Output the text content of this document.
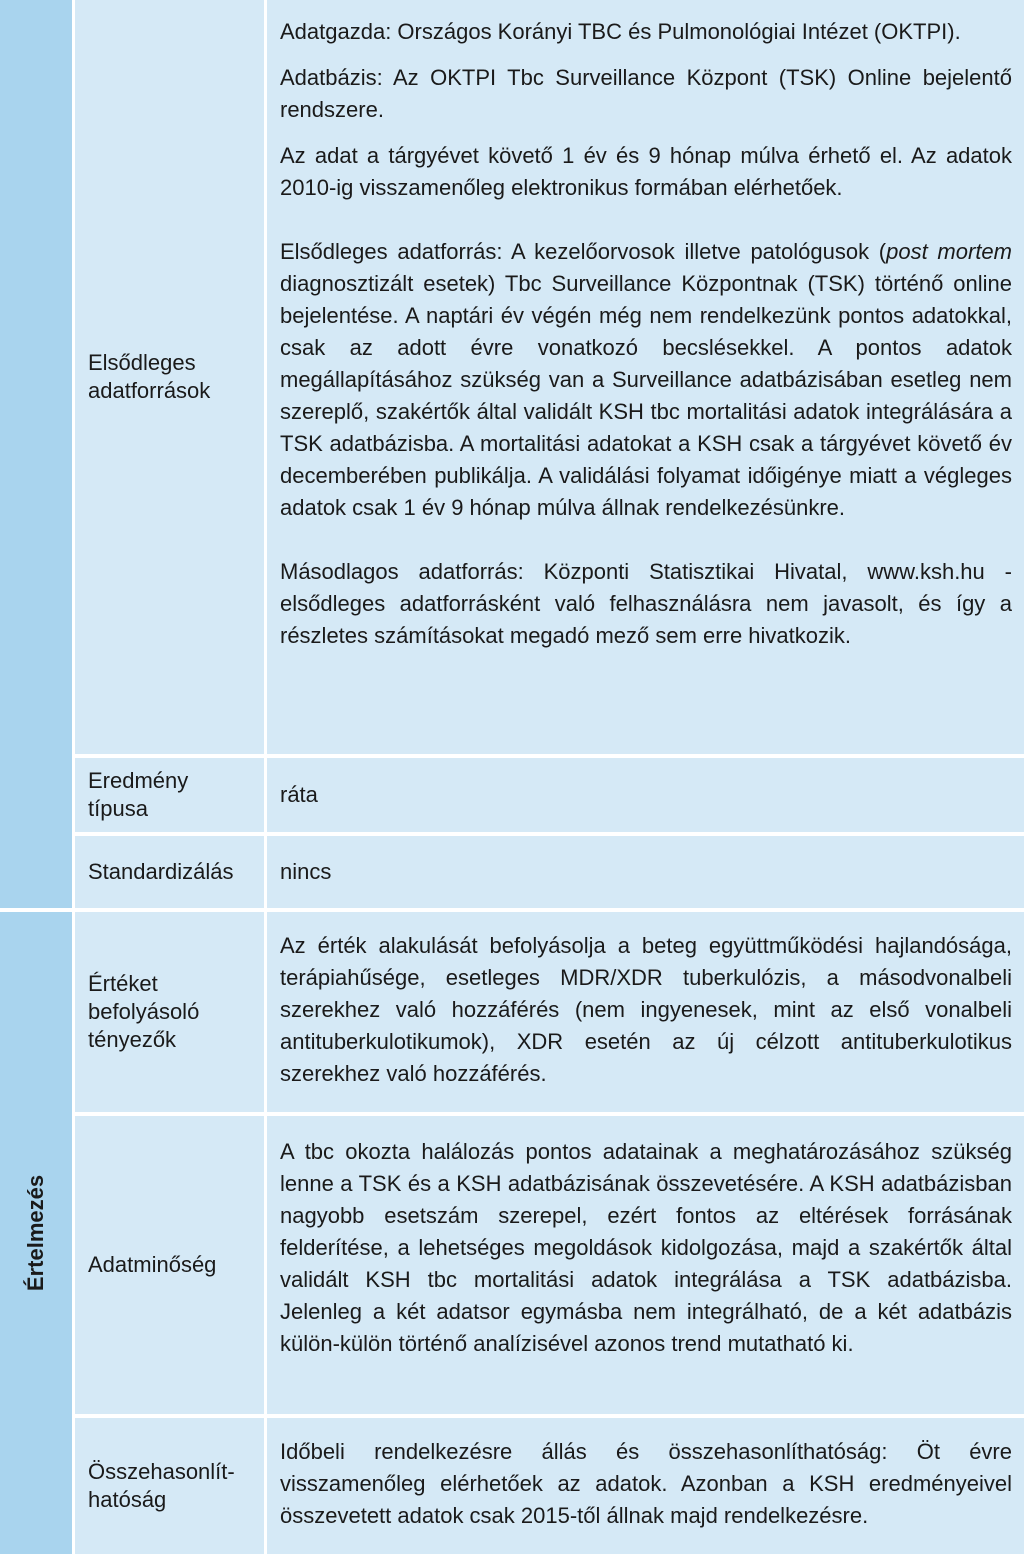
Értelmezés
Elsődleges adatforrások

Adatgazda: Országos Korányi TBC és Pulmonológiai Intézet (OKTPI).

Adatbázis: Az OKTPI Tbc Surveillance Központ (TSK) Online bejelentő rendszere.

Az adat a tárgyévet követő 1 év és 9 hónap múlva érhető el. Az adatok 2010-ig visszamenőleg elektronikus formában elérhetőek.

Elsődleges adatforrás: A kezelőorvosok illetve patológusok (post mortem diagnosztizált esetek) Tbc Surveillance Központnak (TSK) történő online bejelentése. A naptári év végén még nem rendelkezünk pontos adatokkal, csak az adott évre vonatkozó becslésekkel. A pontos adatok megállapításához szükség van a Surveillance adatbázisában esetleg nem szereplő, szakértők által validált KSH tbc mortalitási adatok integrálására a TSK adatbázisba. A mortalitási adatokat a KSH csak a tárgyévet követő év decemberében publikálja. A validálási folyamat időigénye miatt a végleges adatok csak 1 év 9 hónap múlva állnak rendelkezésünkre.

Másodlagos adatforrás: Központi Statisztikai Hivatal, www.ksh.hu - elsődleges adatforrásként való felhasználásra nem javasolt, és így a részletes számításokat megadó mező sem erre hivatkozik.

Eredmény típusa
ráta
Standardizálás nincs
Értéket befolyásoló tényezők

Az érték alakulását befolyásolja a beteg együttműködési hajlandósága, terápiahűsége, esetleges MDR/XDR tuberkulózis, a másodvonalbeli szerekhez való hozzáférés (nem ingyenesek, mint az első vonalbeli antituberkulotikumok), XDR esetén az új célzott antituberkulotikus szerekhez való hozzáférés.

Adatminőség

A tbc okozta halálozás pontos adatainak a meghatározásához szükség lenne a TSK és a KSH adatbázisának összevetésére. A KSH adatbázisban nagyobb esetszám szerepel, ezért fontos az eltérések forrásának felderítése, a lehetséges megoldások kidolgozása, majd a szakértők által validált KSH tbc mortalitási adatok integrálása a TSK adatbázisba. Jelenleg a két adatsor egymásba nem integrálható, de a két adatbázis külön-külön történő analízisével azonos trend mutatható ki.

Összehasonlít-hatóság

Időbeli rendelkezésre állás és összehasonlíthatóság: Öt évre visszamenőleg elérhetőek az adatok. Azonban a KSH eredményeivel összevetett adatok csak 2015-től állnak majd rendelkezésre.
